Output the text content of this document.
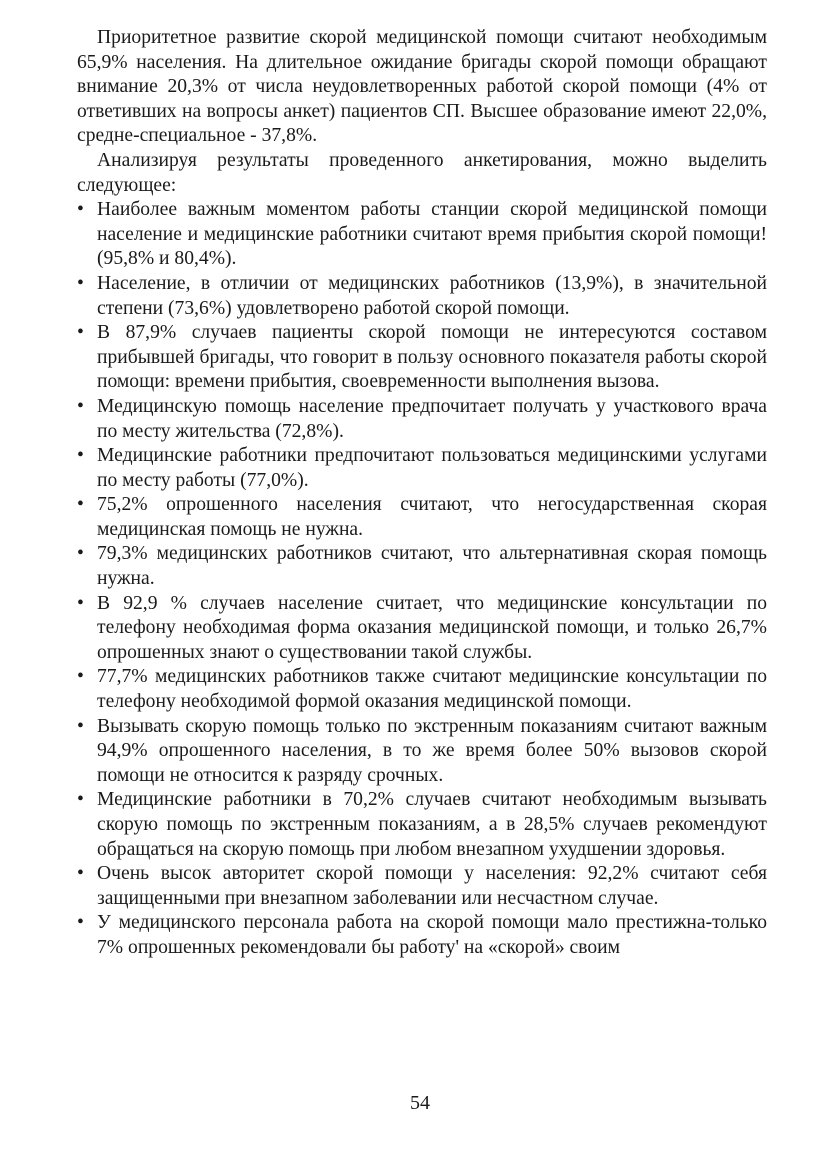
Приоритетное развитие скорой медицинской помощи считают необходимым 65,9% населения. На длительное ожидание бригады скорой помощи обращают внимание 20,3% от числа неудовлетворенных работой скорой помощи (4% от ответивших на вопросы анкет) пациентов СП. Высшее образование имеют 22,0%, средне-специальное - 37,8%.

Анализируя результаты проведенного анкетирования, можно выделить следующее:

• Наиболее важным моментом работы станции скорой медицинской помощи население и медицинские работники считают время прибытия скорой помощи! (95,8% и 80,4%).
• Население, в отличии от медицинских работников (13,9%), в значительной степени (73,6%) удовлетворено работой скорой помощи.
• В 87,9% случаев пациенты скорой помощи не интересуются составом прибывшей бригады, что говорит в пользу основного показателя работы скорой помощи: времени прибытия, своевременности выполнения вызова.
• Медицинскую помощь население предпочитает получать у участкового врача по месту жительства (72,8%).
• Медицинские работники предпочитают пользоваться медицинскими услугами по месту работы (77,0%).
• 75,2% опрошенного населения считают, что негосударственная скорая медицинская помощь не нужна.
• 79,3% медицинских работников считают, что альтернативная скорая помощь нужна.
• В 92,9 % случаев население считает, что медицинские консультации по телефону необходимая форма оказания медицинской помощи, и только 26,7% опрошенных знают о существовании такой службы.
• 77,7% медицинских работников также считают медицинские консультации по телефону необходимой формой оказания медицинской помощи.
• Вызывать скорую помощь только по экстренным показаниям считают важным 94,9% опрошенного населения, в то же время более 50% вызовов скорой помощи не относится к разряду срочных.
• Медицинские работники в 70,2% случаев считают необходимым вызывать скорую помощь по экстренным показаниям, а в 28,5% случаев рекомендуют обращаться на скорую помощь при любом внезапном ухудшении здоровья.
• Очень высок авторитет скорой помощи у населения: 92,2% считают себя защищенными при внезапном заболевании или несчастном случае.
• У медицинского персонала работа на скорой помощи мало престижна-только 7% опрошенных рекомендовали бы работу' на «скорой» своим
54
